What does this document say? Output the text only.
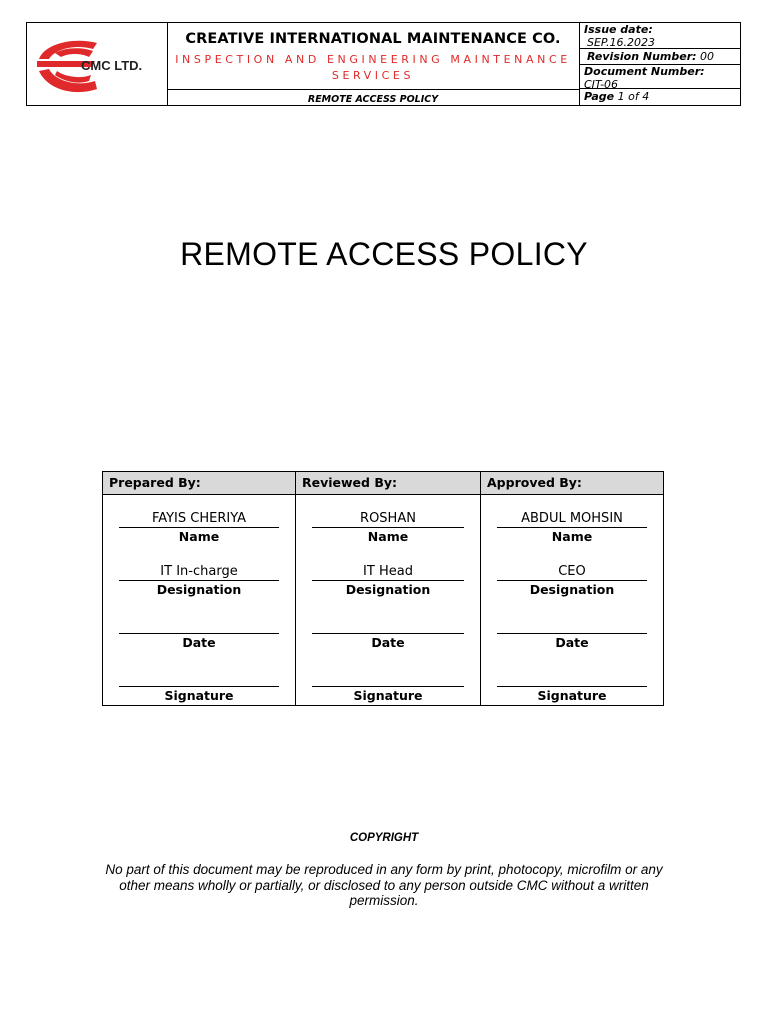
CMC LTD.
CREATIVE INTERNATIONAL MAINTENANCE CO.
INSPECTION AND ENGINEERING MAINTENANCE SERVICES
REMOTE ACCESS POLICY
Issue date:
SEP.16.2023
Revision Number: 00
Document Number:
CIT-06
Page 1 of 4
REMOTE ACCESS POLICY
Prepared By:
FAYIS CHERIYA
Name
IT In-charge
Designation
Date
Signature
Reviewed By:
ROSHAN
Name
IT Head
Designation
Date
Signature
Approved By:
ABDUL MOHSIN
Name
CEO
Designation
Date
Signature
COPYRIGHT
No part of this document may be reproduced in any form by print, photocopy, microfilm or any other means wholly or partially, or disclosed to any person outside CMC without a written permission.
